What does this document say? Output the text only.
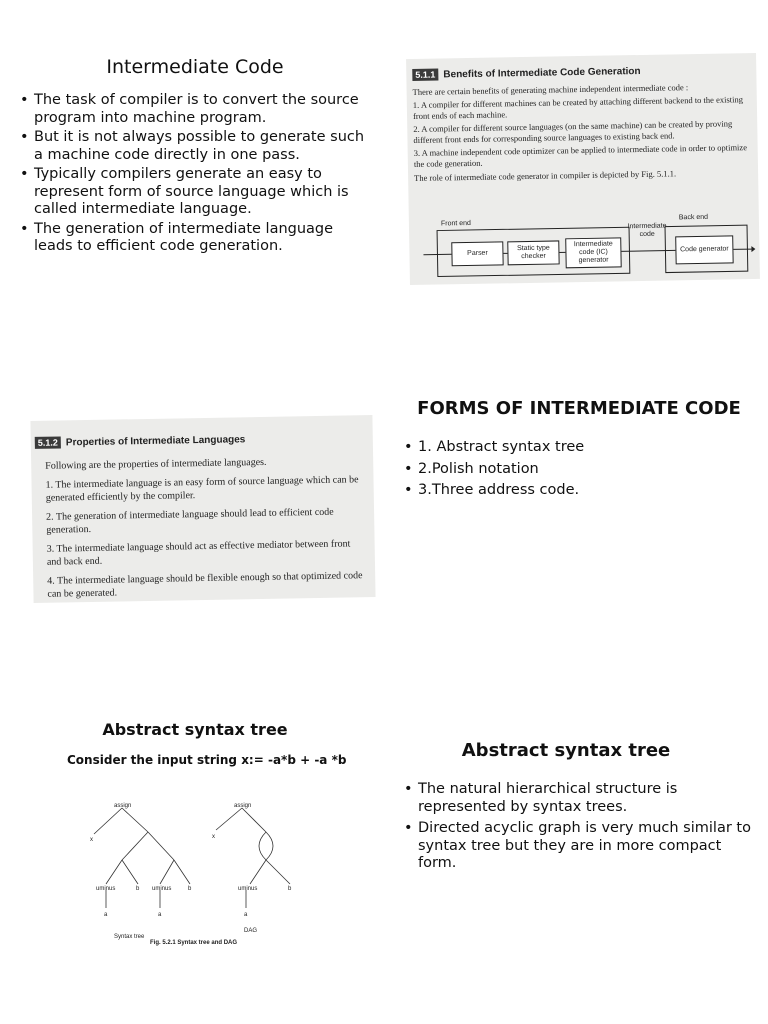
Intermediate Code
• The task of compiler is to convert the source program into machine program.
• But it is not always possible to generate such a machine code directly in one pass.
• Typically compilers generate an easy to represent form of source language which is called intermediate language.
• The generation of intermediate language leads to efficient code generation.
5.1.1 Benefits of Intermediate Code Generation

There are certain benefits of generating machine independent intermediate code :

1. A compiler for different machines can be created by attaching different backend to the existing front ends of each machine.

2. A compiler for different source languages (on the same machine) can be created by proving different front ends for corresponding source languages to existing back end.

3. A machine independent code optimizer can be applied to intermediate code in order to optimize the code generation.

The role of intermediate code generator in compiler is depicted by Fig. 5.1.1.

Front end
Back end
Intermediate code
Parser
Static type checker
Intermediate code (IC) generator
Code generator
5.1.2 Properties of Intermediate Languages

Following are the properties of intermediate languages.

1. The intermediate language is an easy form of source language which can be generated efficiently by the compiler.

2. The generation of intermediate language should lead to efficient code generation.

3. The intermediate language should act as effective mediator between front and back end.

4. The intermediate language should be flexible enough so that optimized code can be generated.

FORMS OF INTERMEDIATE CODE
• 1. Abstract syntax tree
• 2.Polish notation
• 3.Three address code.
Abstract syntax tree
Consider the input string x:= -a*b + -a *b
assign
x
uminus	b uminus	b
a	a
assign
x
uminus	b
a
Syntax tree
DAG
Fig. 5.2.1 Syntax tree and DAG
Abstract syntax tree
• The natural hierarchical structure is represented by syntax trees.
• Directed acyclic graph is very much similar to syntax tree but they are in more compact form.
